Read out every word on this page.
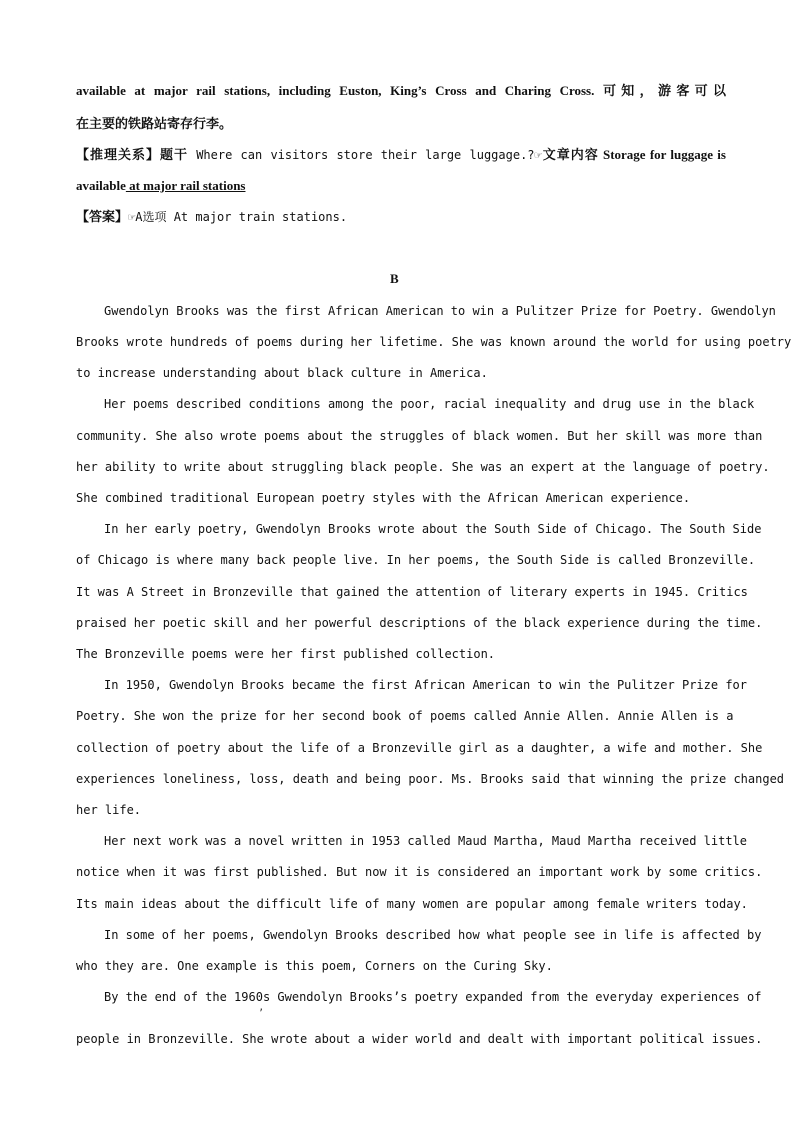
available at major rail stations, including Euston, King’s Cross and Charing Cross. 可知，游客可以
在主要的铁路站寄存行李。
【推理关系】题干 Where can visitors store their large luggage.?☞文章内容 Storage for luggage is
available at major rail stations
【答案】☞A选项 At major train stations.
B
Gwendolyn Brooks was the first African American to win a Pulitzer Prize for Poetry. Gwendolyn
Brooks wrote hundreds of poems during her lifetime. She was known around the world for using poetry
to increase understanding about black culture in America.
Her poems described conditions among the poor, racial inequality and drug use in the black
community. She also wrote poems about the struggles of black women. But her skill was more than
her ability to write about struggling black people. She was an expert at the language of poetry.
She combined traditional European poetry styles with the African American experience.
In her early poetry, Gwendolyn Brooks wrote about the South Side of Chicago. The South Side
of Chicago is where many back people live. In her poems, the South Side is called Bronzeville.
It was A Street in Bronzeville that gained the attention of literary experts in 1945. Critics
praised her poetic skill and her powerful descriptions of the black experience during the time.
The Bronzeville poems were her first published collection.
In 1950, Gwendolyn Brooks became the first African American to win the Pulitzer Prize for
Poetry. She won the prize for her second book of poems called Annie Allen. Annie Allen is a
collection of poetry about the life of a Bronzeville girl as a daughter, a wife and mother. She
experiences loneliness, loss, death and being poor. Ms. Brooks said that winning the prize changed
her life.
Her next work was a novel written in 1953 called Maud Martha, Maud Martha received little
notice when it was first published. But now it is considered an important work by some critics.
Its main ideas about the difficult life of many women are popular among female writers today.
In some of her poems, Gwendolyn Brooks described how what people see in life is affected by
who they are. One example is this poem, Corners on the Curing Sky.
By the end of the 1960s Gwendolyn Brooks’s poetry expanded from the everyday experiences of
’
people in Bronzeville. She wrote about a wider world and dealt with important political issues.
